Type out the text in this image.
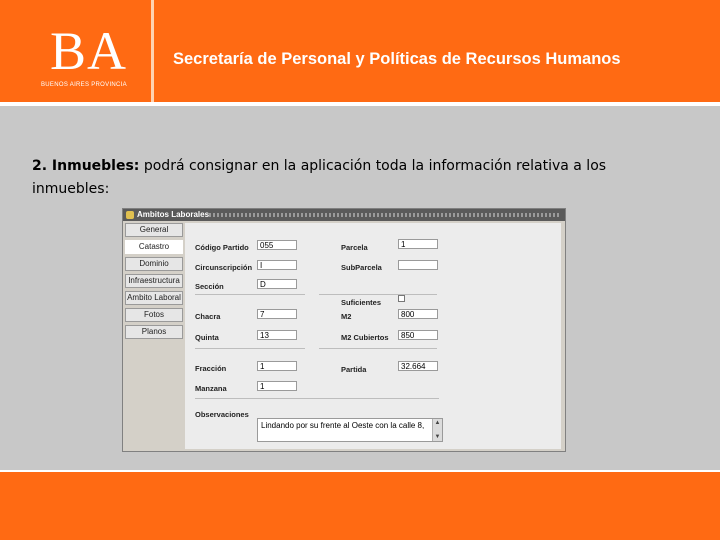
BA
BUENOS AIRES PROVINCIA
Secretaría de Personal y Políticas de Recursos Humanos
2. Inmuebles: podrá consignar en la aplicación toda la información relativa a los inmuebles:
Ambitos Laborales
General
Catastro
Dominio
Infraestructura
Ambito Laboral
Fotos
Planos
Código Partido	055	Parcela	1
Circunscripción I	SubParcela
Sección	D
Suficientes
Chacra	7	M2	800
Quinta	13	M2 Cubiertos	850
Fracción	1	Partida	32.664
Manzana	1
Observaciones
Lindando por su frente al Oeste con la calle 8, ▲
▼
